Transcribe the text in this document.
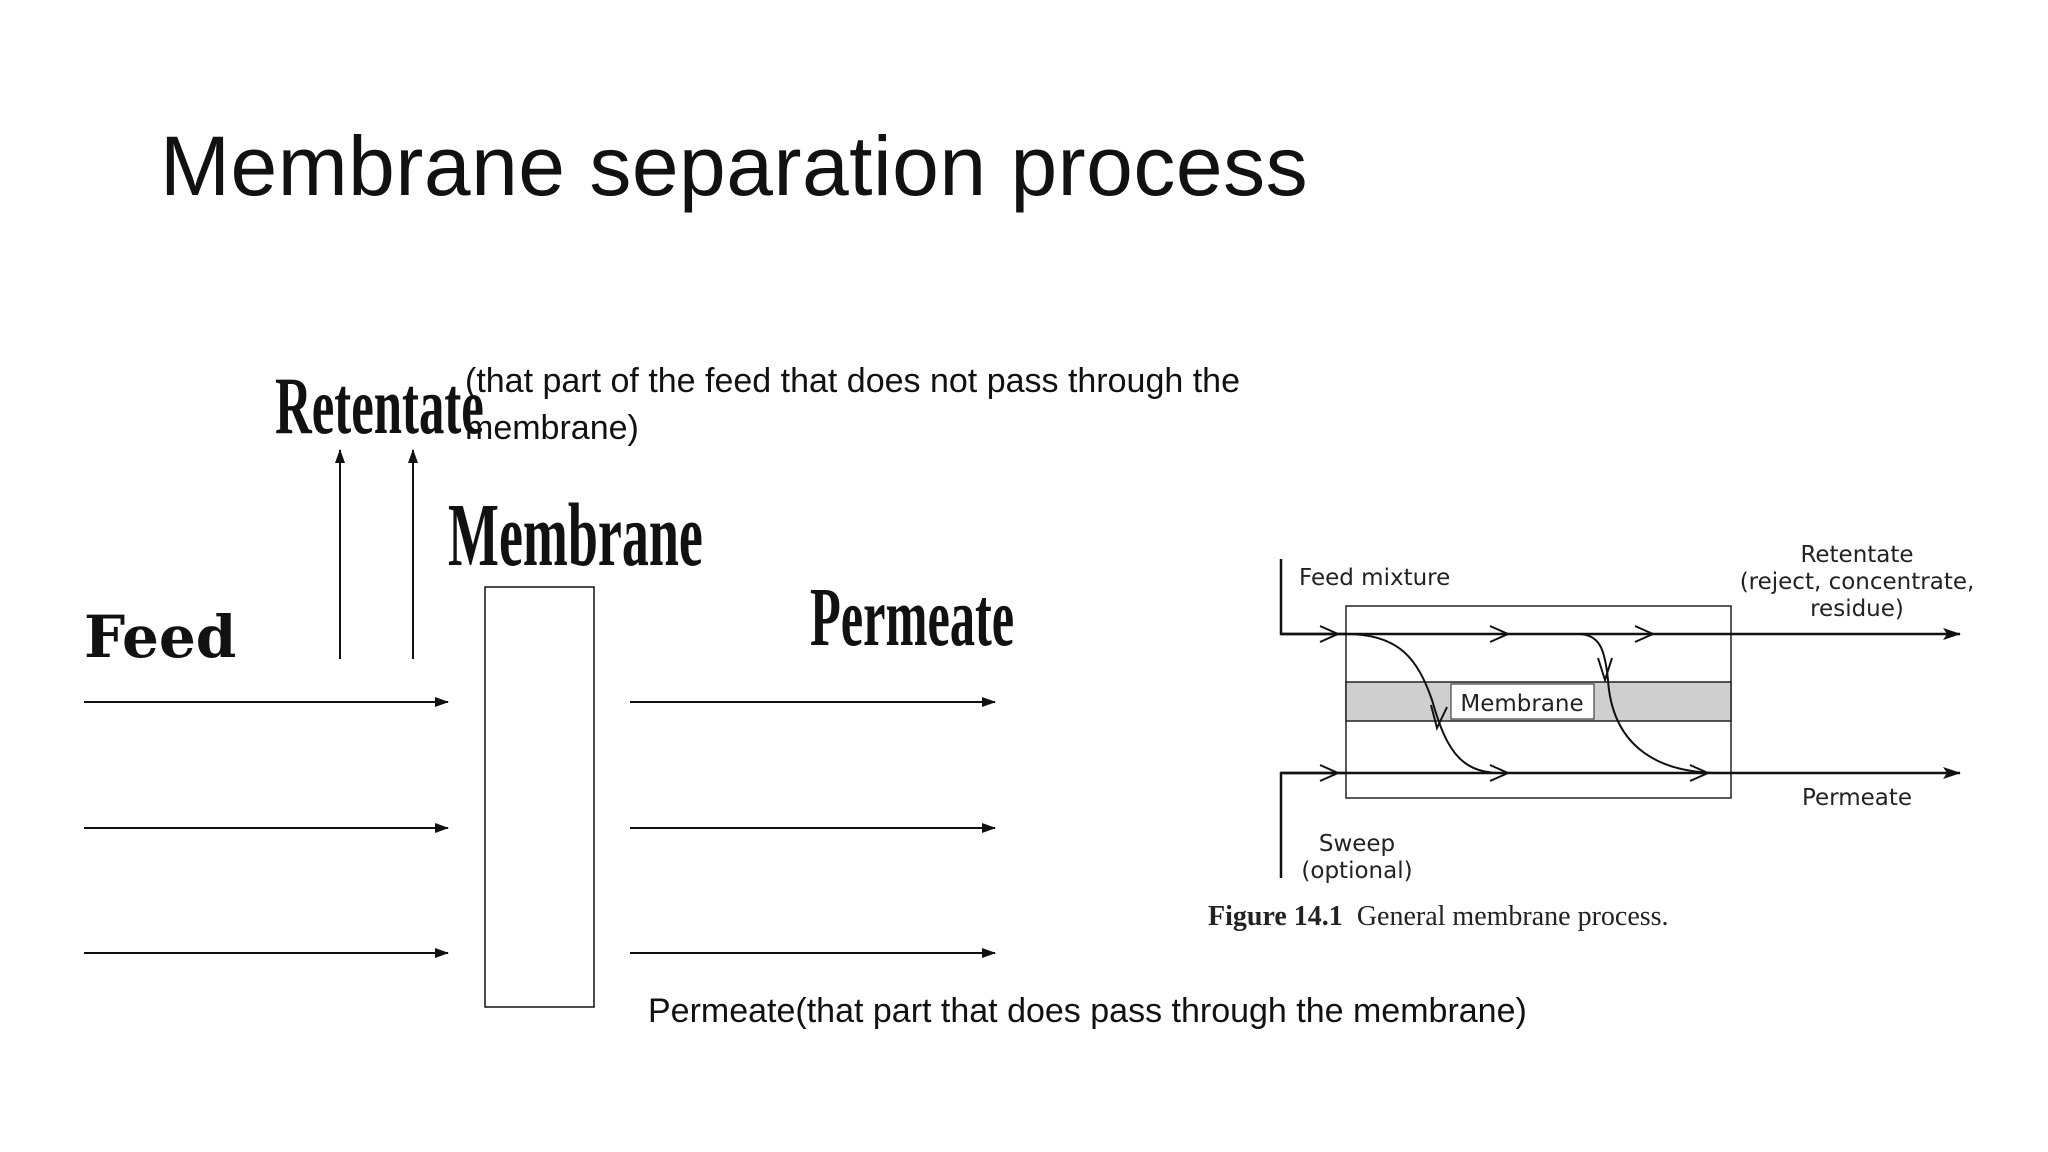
Membrane separation process
(that part of the feed that does not pass through the membrane)
Permeate(that part that does pass through the membrane)
Retentate
Membrane
Feed	Permeate
Membrane
Feed mixture
Retentate
(reject, concentrate,
residue)
Permeate
Sweep
(optional)
Figure 14.1 General membrane process.
